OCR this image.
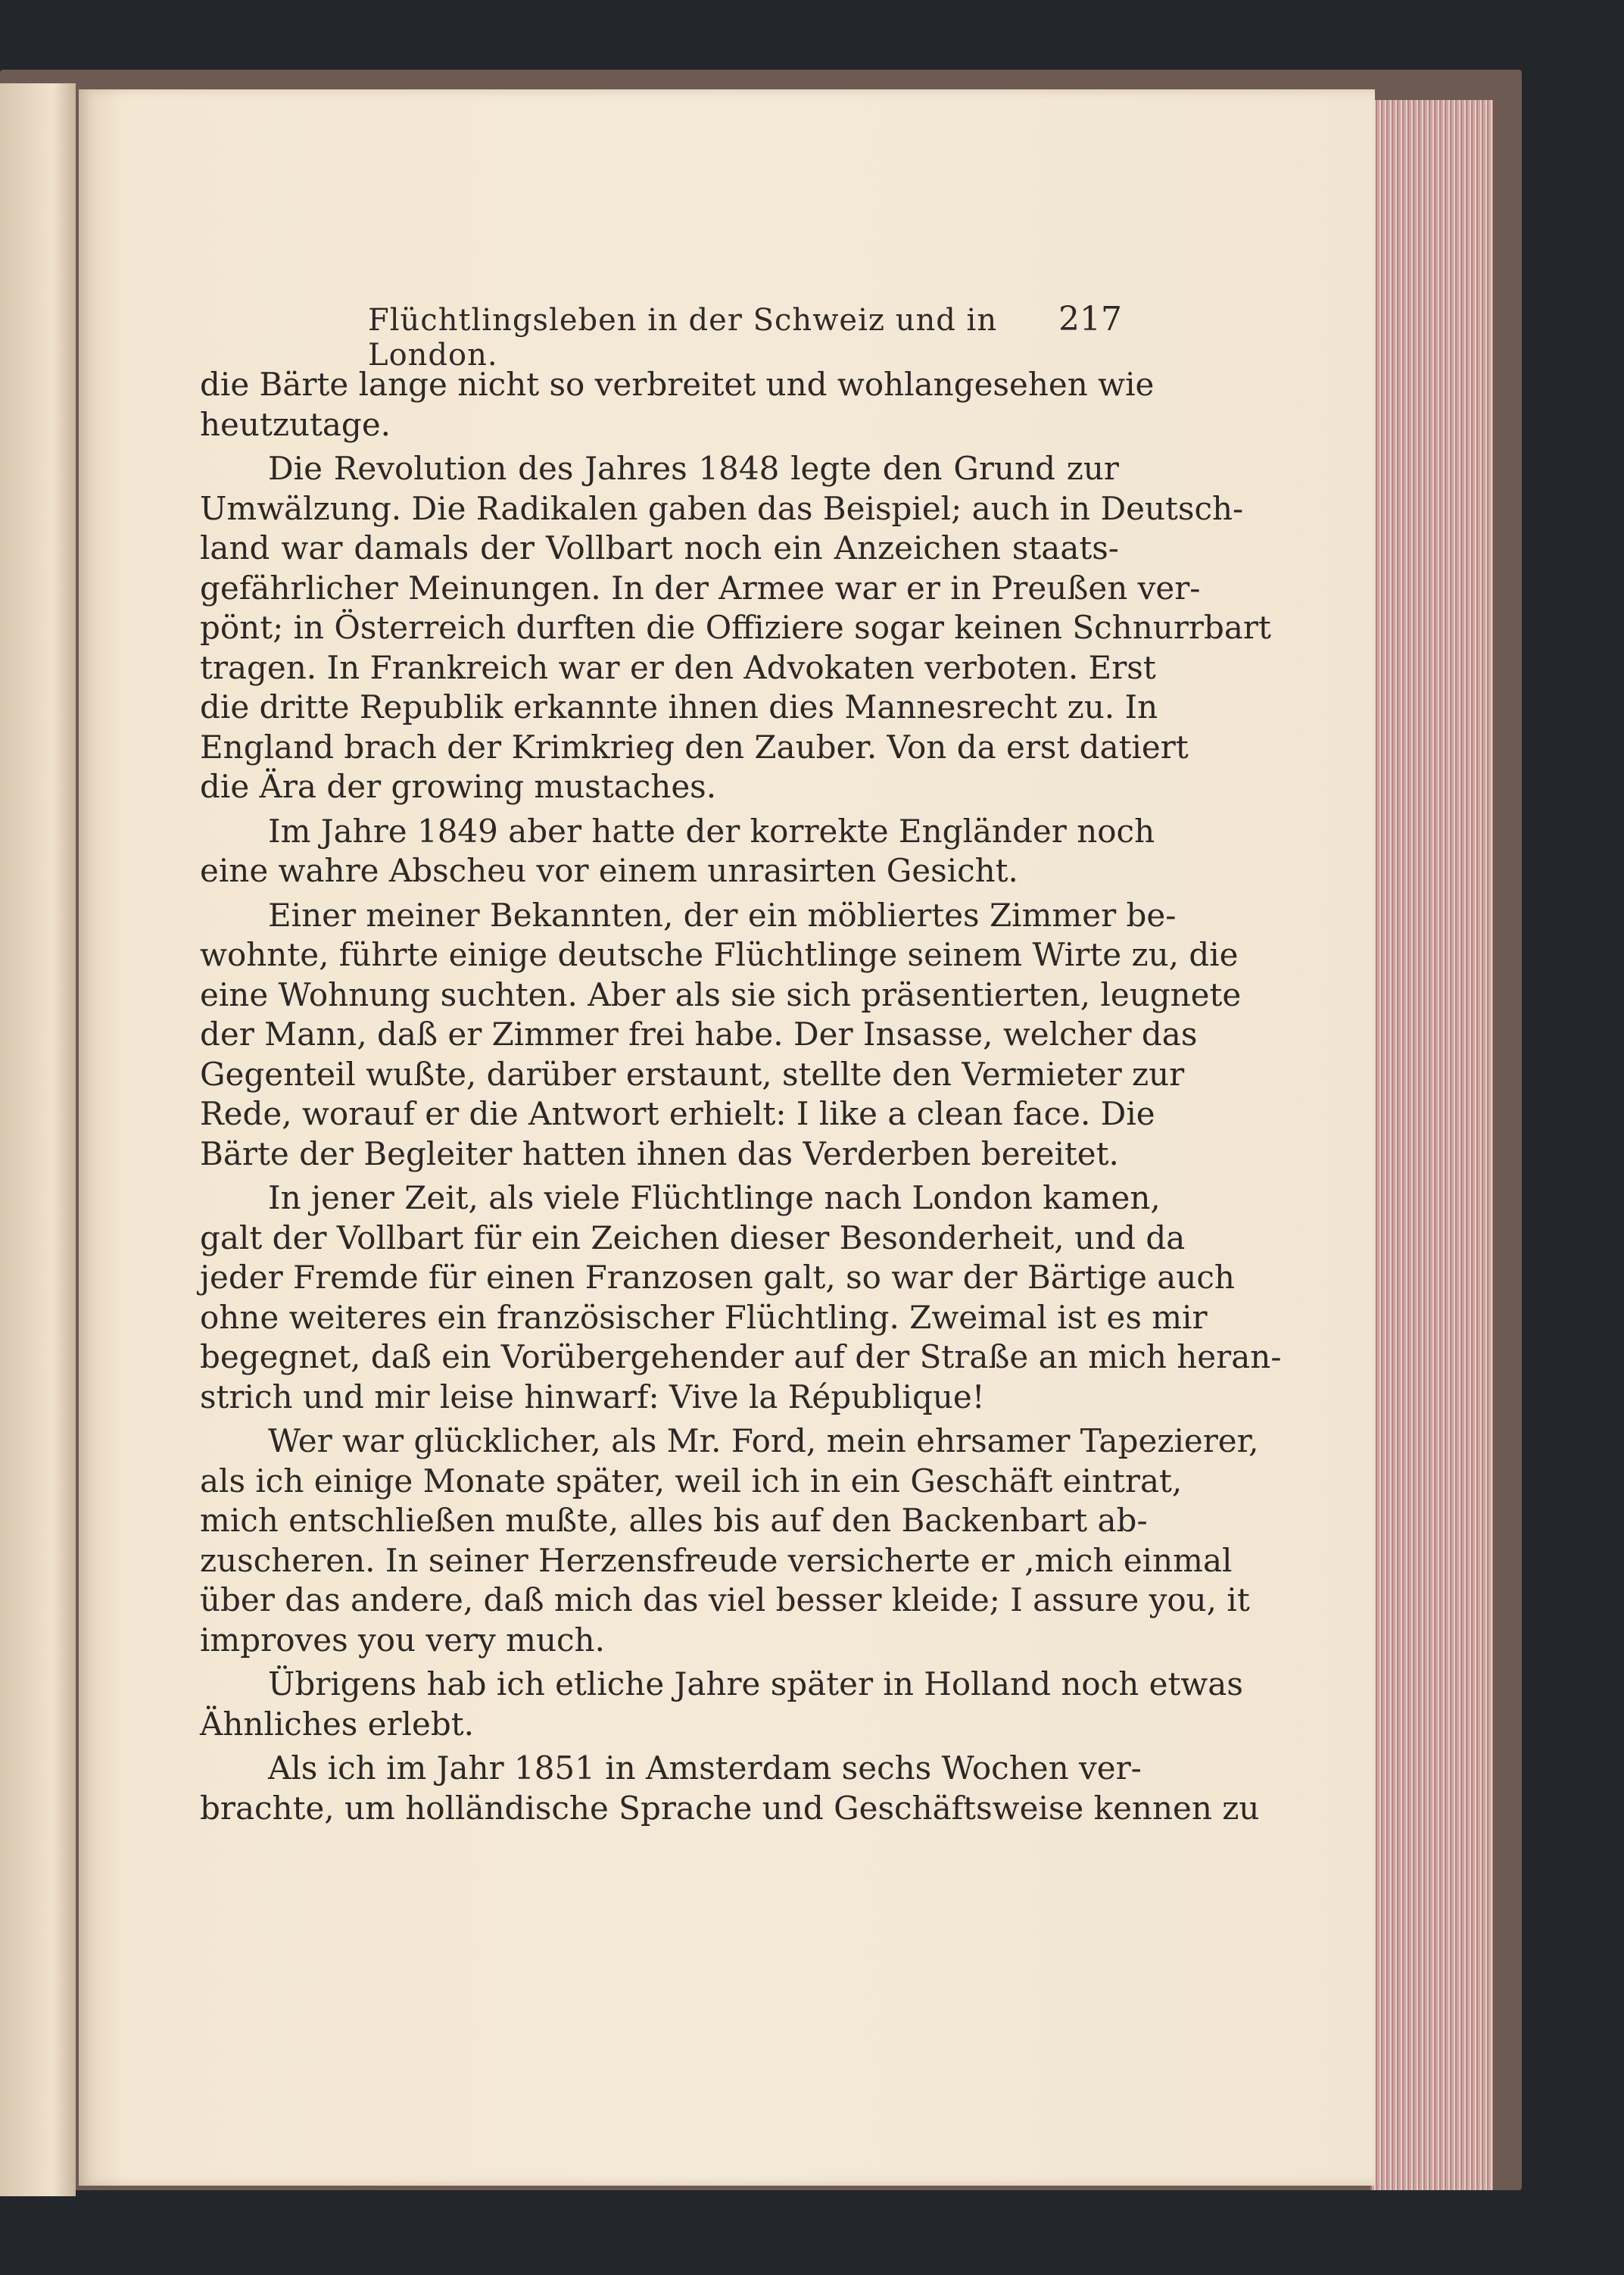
Flüchtlingsleben in der Schweiz und in London.
217
die Bärte lange nicht so verbreitet und wohlangesehen wie
heutzutage.
Die Revolution des Jahres 1848 legte den Grund zur
Umwälzung. Die Radikalen gaben das Beispiel; auch in Deutsch-
land war damals der Vollbart noch ein Anzeichen staats-
gefährlicher Meinungen. In der Armee war er in Preußen ver-
pönt; in Österreich durften die Offiziere sogar keinen Schnurrbart
tragen. In Frankreich war er den Advokaten verboten. Erst
die dritte Republik erkannte ihnen dies Mannesrecht zu. In
England brach der Krimkrieg den Zauber. Von da erst datiert
die Ära der growing mustaches.
Im Jahre 1849 aber hatte der korrekte Engländer noch
eine wahre Abscheu vor einem unrasirten Gesicht.
Einer meiner Bekannten, der ein möbliertes Zimmer be-
wohnte, führte einige deutsche Flüchtlinge seinem Wirte zu, die
eine Wohnung suchten. Aber als sie sich präsentierten, leugnete
der Mann, daß er Zimmer frei habe. Der Insasse, welcher das
Gegenteil wußte, darüber erstaunt, stellte den Vermieter zur
Rede, worauf er die Antwort erhielt: I like a clean face. Die
Bärte der Begleiter hatten ihnen das Verderben bereitet.
In jener Zeit, als viele Flüchtlinge nach London kamen,
galt der Vollbart für ein Zeichen dieser Besonderheit, und da
jeder Fremde für einen Franzosen galt, so war der Bärtige auch
ohne weiteres ein französischer Flüchtling. Zweimal ist es mir
begegnet, daß ein Vorübergehender auf der Straße an mich heran-
strich und mir leise hinwarf: Vive la République!
Wer war glücklicher, als Mr. Ford, mein ehrsamer Tapezierer,
als ich einige Monate später, weil ich in ein Geschäft eintrat,
mich entschließen mußte, alles bis auf den Backenbart ab-
zuscheren. In seiner Herzensfreude versicherte er ,mich einmal
über das andere, daß mich das viel besser kleide; I assure you, it
improves you very much.
Übrigens hab ich etliche Jahre später in Holland noch etwas
Ähnliches erlebt.
Als ich im Jahr 1851 in Amsterdam sechs Wochen ver-
brachte, um holländische Sprache und Geschäftsweise kennen zu
